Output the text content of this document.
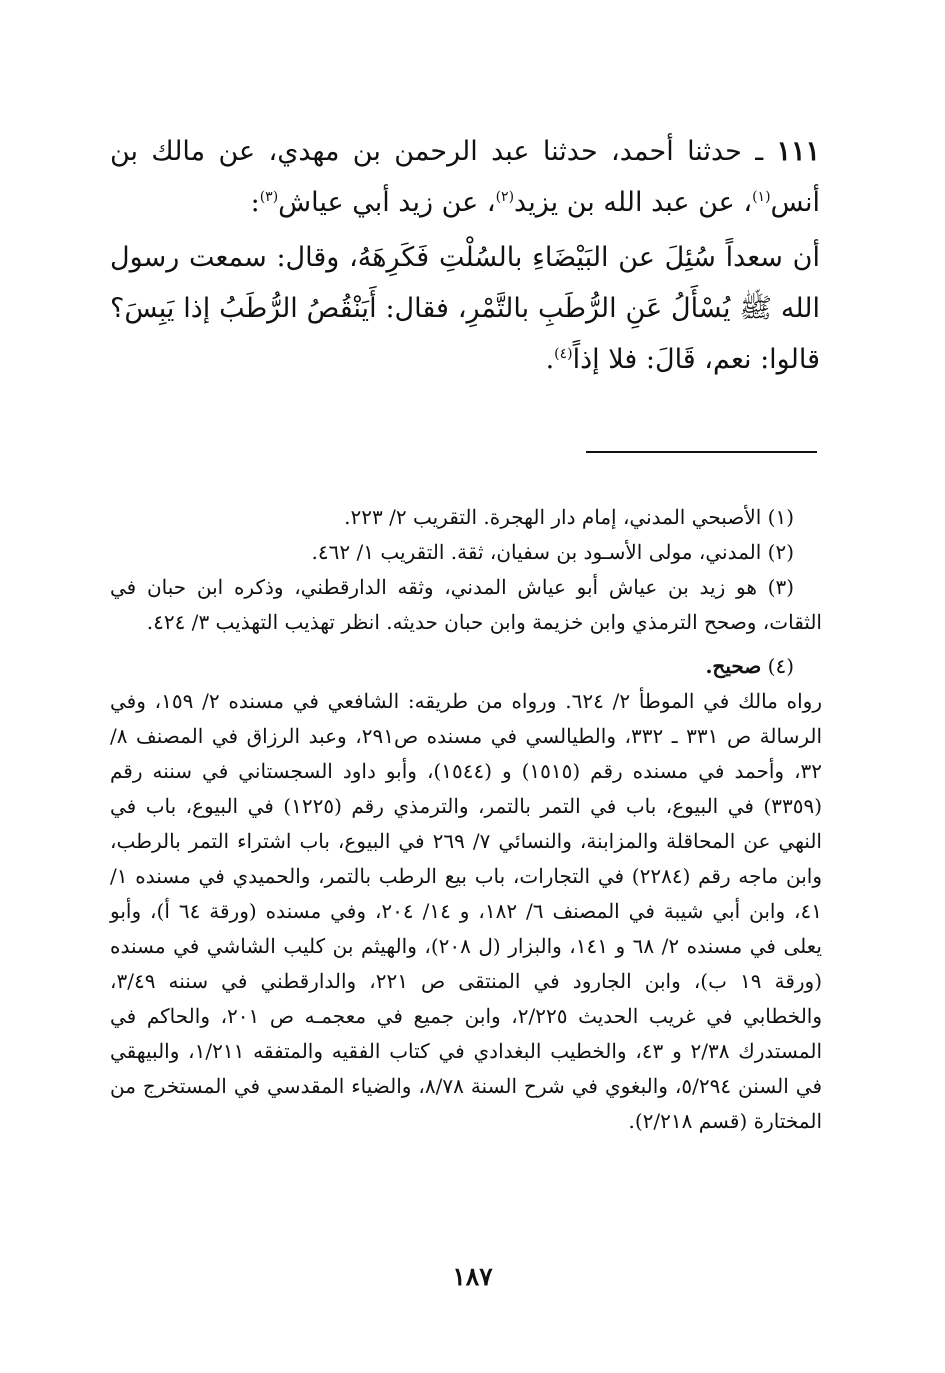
١١١ ـ حدثنا أحمد، حدثنا عبد الرحمن بن مهدي، عن مالك بن أنس$^{(١)}$، عن عبد الله بن يزيد$^{(٢)}$، عن زيد أبي عياش$^{(٣)}$:

أن سعداً سُئِلَ عن البَيْضَاءِ بالسُلْتِ فَكَرِهَهُ، وقال: سمعت رسول الله ﷺ يُسْأَلُ عَنِ الرُّطَبِ بالتَّمْرِ، فقال: أَيَنْقُصُ الرُّطَبُ إذا يَبِسَ؟ قالوا: نعم، قَالَ: فلا إذاً$^{(٤)}$.

(١) الأصبحي المدني، إمام دار الهجرة. التقريب ٢/ ٢٢٣.

(٢) المدني، مولى الأسـود بن سفيان، ثقة. التقريب ١/ ٤٦٢.

(٣) هو زيد بن عياش أبو عياش المدني، وثقه الدارقطني، وذكره ابن حبان في الثقات، وصحح الترمذي وابن خزيمة وابن حبان حديثه. انظر تهذيب التهذيب ٣/ ٤٢٤.

(٤) صحيح.

رواه مالك في الموطأ ٢/ ٦٢٤. ورواه من طريقه: الشافعي في مسنده ٢/ ١٥٩، وفي الرسالة ص ٣٣١ ـ ٣٣٢، والطيالسي في مسنده ص٢٩١، وعبد الرزاق في المصنف ٨/ ٣٢، وأحمد في مسنده رقم (١٥١٥) و (١٥٤٤)، وأبو داود السجستاني في سننه رقم (٣٣٥٩) في البيوع، باب في التمر بالتمر، والترمذي رقم (١٢٢٥) في البيوع، باب في النهي عن المحاقلة والمزابنة، والنسائي ٧/ ٢٦٩ في البيوع، باب اشتراء التمر بالرطب، وابن ماجه رقم (٢٢٨٤) في التجارات، باب بيع الرطب بالتمر، والحميدي في مسنده ١/ ٤١، وابن أبي شيبة في المصنف ٦/ ١٨٢، و ١٤/ ٢٠٤، وفي مسنده (ورقة ٦٤ أ)، وأبو يعلى في مسنده ٢/ ٦٨ و ١٤١، والبزار (ل ٢٠٨)، والهيثم بن كليب الشاشي في مسنده (ورقة ١٩ ب)، وابن الجارود في المنتقى ص ٢٢١، والدارقطني في سننه ٣/٤٩، والخطابي في غريب الحديث ٢/٢٢٥، وابن جميع في معجمـه ص ٢٠١، والحاكم في المستدرك ٢/٣٨ و ٤٣، والخطيب البغدادي في كتاب الفقيه والمتفقه ١/٢١١، والبيهقي في السنن ٥/٢٩٤، والبغوي في شرح السنة ٨/٧٨، والضياء المقدسي في المستخرج من المختارة (قسم ٢/٢١٨).

١٨٧
